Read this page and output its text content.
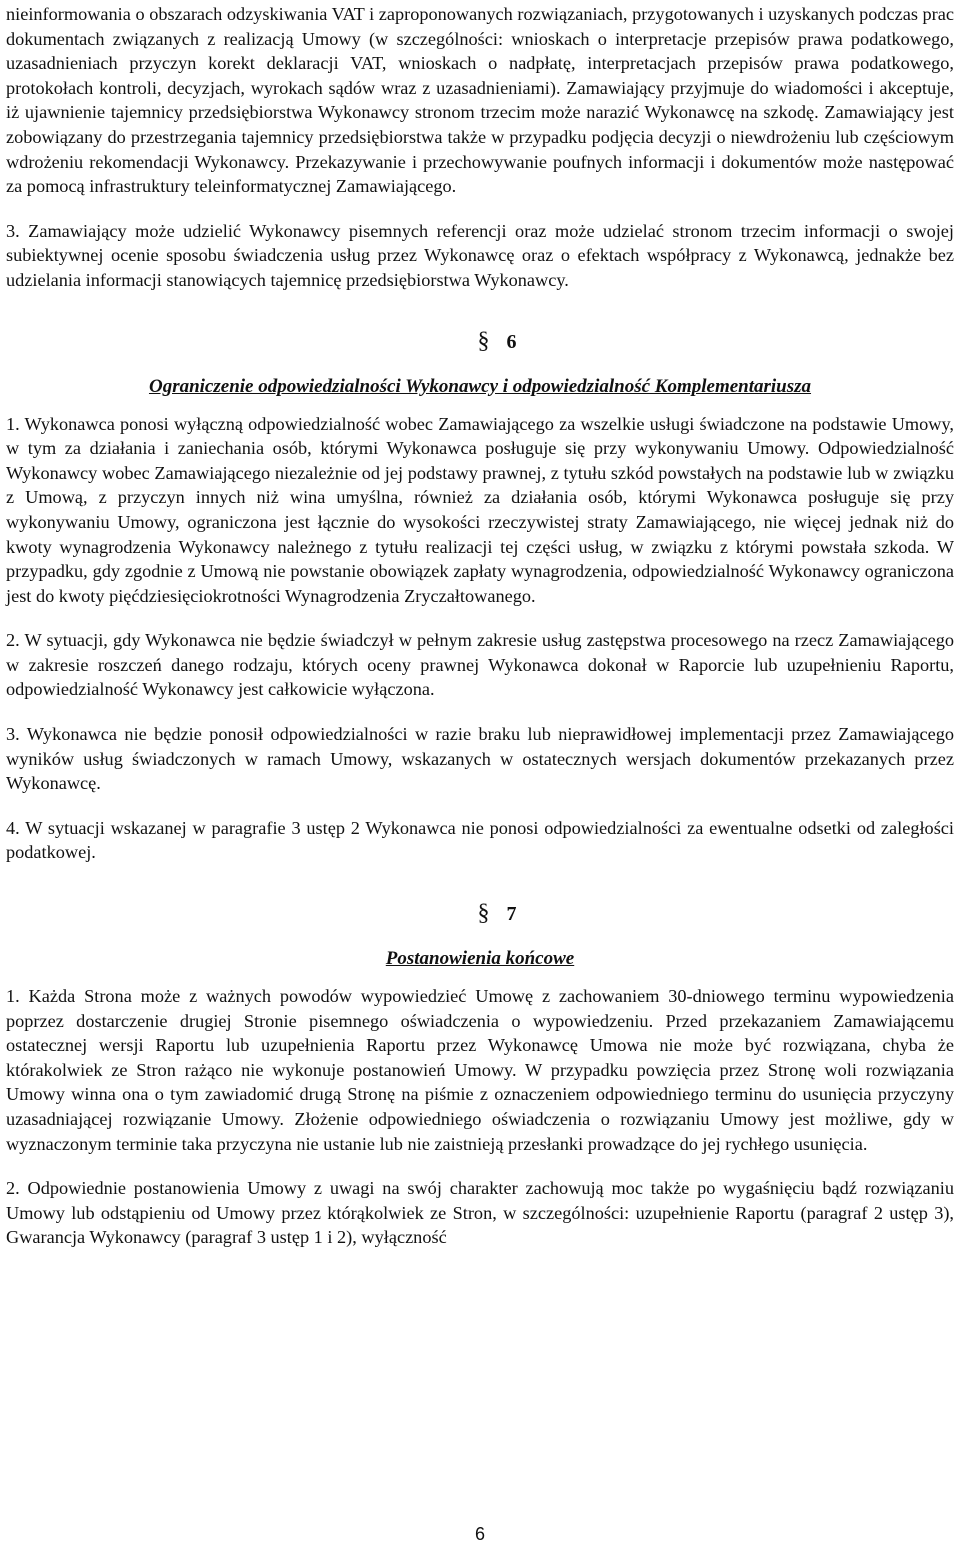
nieinformowania o obszarach odzyskiwania VAT i zaproponowanych rozwiązaniach, przygotowanych i uzyskanych podczas prac dokumentach związanych z realizacją Umowy (w szczególności: wnioskach o interpretacje przepisów prawa podatkowego, uzasadnieniach przyczyn korekt deklaracji VAT, wnioskach o nadpłatę, interpretacjach przepisów prawa podatkowego, protokołach kontroli, decyzjach, wyrokach sądów wraz z uzasadnieniami). Zamawiający przyjmuje do wiadomości i akceptuje, iż ujawnienie tajemnicy przedsiębiorstwa Wykonawcy stronom trzecim może narazić Wykonawcę na szkodę. Zamawiający jest zobowiązany do przestrzegania tajemnicy przedsiębiorstwa także w przypadku podjęcia decyzji o niewdrożeniu lub częściowym wdrożeniu rekomendacji Wykonawcy. Przekazywanie i przechowywanie poufnych informacji i dokumentów może następować za pomocą infrastruktury teleinformatycznej Zamawiającego.

3. Zamawiający może udzielić Wykonawcy pisemnych referencji oraz może udzielać stronom trzecim informacji o swojej subiektywnej ocenie sposobu świadczenia usług przez Wykonawcę oraz o efektach współpracy z Wykonawcą, jednakże bez udzielania informacji stanowiących tajemnicę przedsiębiorstwa Wykonawcy.

§ 6
Ograniczenie odpowiedzialności Wykonawcy i odpowiedzialność Komplementariusza

1. Wykonawca ponosi wyłączną odpowiedzialność wobec Zamawiającego za wszelkie usługi świadczone na podstawie Umowy, w tym za działania i zaniechania osób, którymi Wykonawca posługuje się przy wykonywaniu Umowy. Odpowiedzialność Wykonawcy wobec Zamawiającego niezależnie od jej podstawy prawnej, z tytułu szkód powstałych na podstawie lub w związku z Umową, z przyczyn innych niż wina umyślna, również za działania osób, którymi Wykonawca posługuje się przy wykonywaniu Umowy, ograniczona jest łącznie do wysokości rzeczywistej straty Zamawiającego, nie więcej jednak niż do kwoty wynagrodzenia Wykonawcy należnego z tytułu realizacji tej części usług, w związku z którymi powstała szkoda. W przypadku, gdy zgodnie z Umową nie powstanie obowiązek zapłaty wynagrodzenia, odpowiedzialność Wykonawcy ograniczona jest do kwoty pięćdziesięciokrotności Wynagrodzenia Zryczałtowanego.

2. W sytuacji, gdy Wykonawca nie będzie świadczył w pełnym zakresie usług zastępstwa procesowego na rzecz Zamawiającego w zakresie roszczeń danego rodzaju, których oceny prawnej Wykonawca dokonał w Raporcie lub uzupełnieniu Raportu, odpowiedzialność Wykonawcy jest całkowicie wyłączona.

3. Wykonawca nie będzie ponosił odpowiedzialności w razie braku lub nieprawidłowej implementacji przez Zamawiającego wyników usług świadczonych w ramach Umowy, wskazanych w ostatecznych wersjach dokumentów przekazanych przez Wykonawcę.

4. W sytuacji wskazanej w paragrafie 3 ustęp 2 Wykonawca nie ponosi odpowiedzialności za ewentualne odsetki od zaległości podatkowej.

§ 7
Postanowienia końcowe

1. Każda Strona może z ważnych powodów wypowiedzieć Umowę z zachowaniem 30-dniowego terminu wypowiedzenia poprzez dostarczenie drugiej Stronie pisemnego oświadczenia o wypowiedzeniu. Przed przekazaniem Zamawiającemu ostatecznej wersji Raportu lub uzupełnienia Raportu przez Wykonawcę Umowa nie może być rozwiązana, chyba że którakolwiek ze Stron rażąco nie wykonuje postanowień Umowy. W przypadku powzięcia przez Stronę woli rozwiązania Umowy winna ona o tym zawiadomić drugą Stronę na piśmie z oznaczeniem odpowiedniego terminu do usunięcia przyczyny uzasadniającej rozwiązanie Umowy. Złożenie odpowiedniego oświadczenia o rozwiązaniu Umowy jest możliwe, gdy w wyznaczonym terminie taka przyczyna nie ustanie lub nie zaistnieją przesłanki prowadzące do jej rychłego usunięcia.

2. Odpowiednie postanowienia Umowy z uwagi na swój charakter zachowują moc także po wygaśnięciu bądź rozwiązaniu Umowy lub odstąpieniu od Umowy przez którąkolwiek ze Stron, w szczególności: uzupełnienie Raportu (paragraf 2 ustęp 3), Gwarancja Wykonawcy (paragraf 3 ustęp 1 i 2), wyłączność

6
